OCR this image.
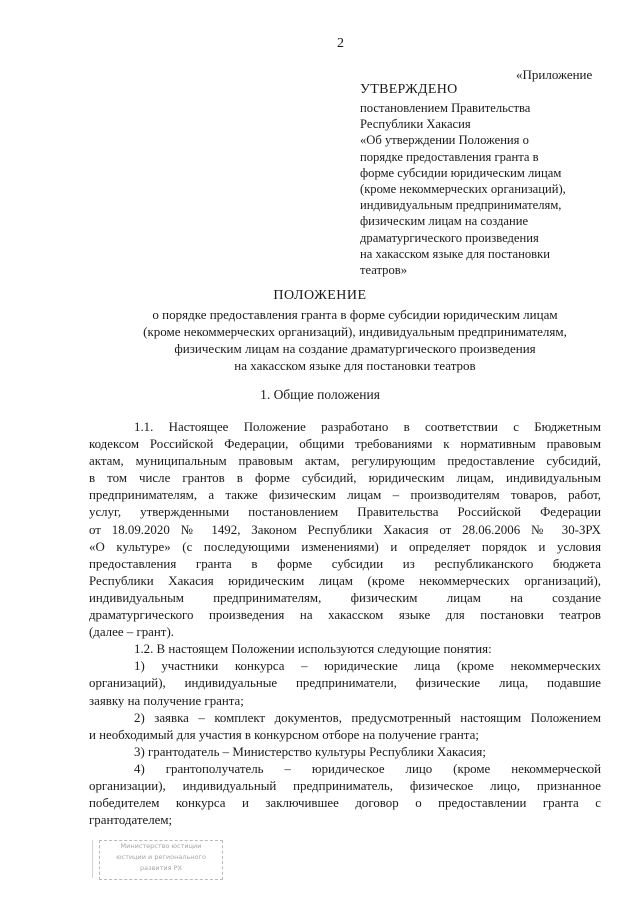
2
«Приложение
УТВЕРЖДЕНО
постановлением Правительства
Республики Хакасия
«Об утверждении Положения о
порядке предоставления гранта в
форме субсидии юридическим лицам
(кроме некоммерческих организаций),
индивидуальным предпринимателям,
физическим лицам на создание
драматургического произведения
на хакасском языке для постановки
театров»
ПОЛОЖЕНИЕ
о порядке предоставления гранта в форме субсидии юридическим лицам
(кроме некоммерческих организаций), индивидуальным предпринимателям,
физическим лицам на создание драматургического произведения
на хакасском языке для постановки театров
1. Общие положения
1.1. Настоящее Положение разработано в соответствии с Бюджетным
кодексом Российской Федерации, общими требованиями к нормативным правовым
актам, муниципальным правовым актам, регулирующим предоставление субсидий,
в том числе грантов в форме субсидий, юридическим лицам, индивидуальным
предпринимателям, а также физическим лицам – производителям товаров, работ,
услуг, утвержденными постановлением Правительства Российской Федерации
от 18.09.2020 № 1492, Законом Республики Хакасия от 28.06.2006 № 30-ЗРХ
«О культуре» (с последующими изменениями) и определяет порядок и условия
предоставления гранта в форме субсидии из республиканского бюджета
Республики Хакасия юридическим лицам (кроме некоммерческих организаций),
индивидуальным предпринимателям, физическим лицам на создание
драматургического произведения на хакасском языке для постановки театров
(далее – грант).
1.2. В настоящем Положении используются следующие понятия:
1) участники конкурса – юридические лица (кроме некоммерческих
организаций), индивидуальные предприниматели, физические лица, подавшие
заявку на получение гранта;
2) заявка – комплект документов, предусмотренный настоящим Положением
и необходимый для участия в конкурсном отборе на получение гранта;
3) грантодатель – Министерство культуры Республики Хакасия;
4) грантополучатель – юридическое лицо (кроме некоммерческой
организации), индивидуальный предприниматель, физическое лицо, признанное
победителем конкурса и заключившее договор о предоставлении гранта с
грантодателем;
Министерство юстиции
юстиции и регионального
развития РХ
